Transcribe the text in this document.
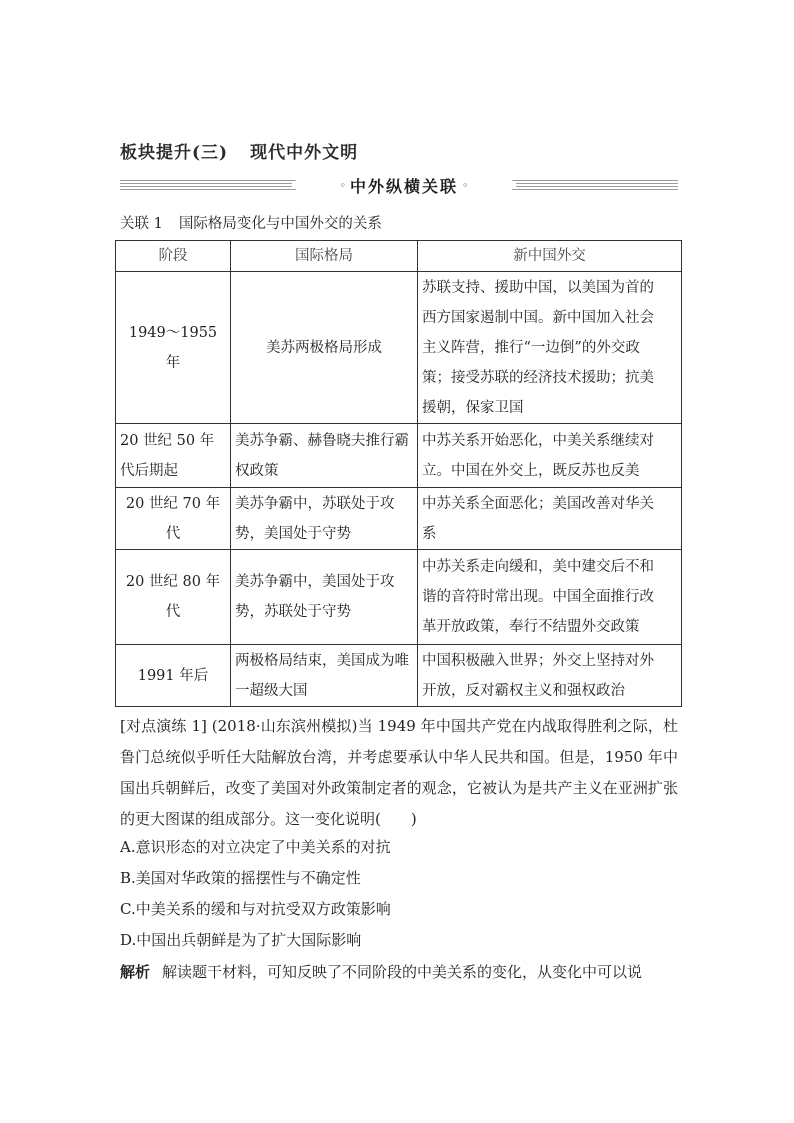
板块提升(三) 现代中外文明
◦ 中外纵横关联 ◦
关联 1 国际格局变化与中国外交的关系
阶段	国际格局	新中国外交
1949～1955 年	美苏两极格局形成	苏联支持、援助中国，以美国为首的
西方国家遏制中国。新中国加入社会
主义阵营，推行“一边倒”的外交政
策；接受苏联的经济技术援助；抗美
援朝，保家卫国

20 世纪 50 年代后期起	美苏争霸、赫鲁晓夫推行霸权政策	中苏关系开始恶化，中美关系继续对
立。中国在外交上，既反苏也反美

20 世纪 70 年代	美苏争霸中，苏联处于攻势，美国处于守势	中苏关系全面恶化；美国改善对华关
系

20 世纪 80 年代	美苏争霸中，美国处于攻势，苏联处于守势	中苏关系走向缓和，美中建交后不和
谐的音符时常出现。中国全面推行改
革开放政策，奉行不结盟外交政策

1991 年后	两极格局结束，美国成为唯一超级大国	中国积极融入世界；外交上坚持对外
开放，反对霸权主义和强权政治
[对点演练 1] (2018·山东滨州模拟)当 1949 年中国共产党在内战取得胜利之际，杜鲁门总统似乎听任大陆解放台湾，并考虑要承认中华人民共和国。但是，1950 年中国出兵朝鲜后，改变了美国对外政策制定者的观念，它被认为是共产主义在亚洲扩张的更大图谋的组成部分。这一变化说明(　　)
A.意识形态的对立决定了中美关系的对抗
B.美国对华政策的摇摆性与不确定性
C.中美关系的缓和与对抗受双方政策影响
D.中国出兵朝鲜是为了扩大国际影响
解析 解读题干材料，可知反映了不同阶段的中美关系的变化，从变化中可以说
